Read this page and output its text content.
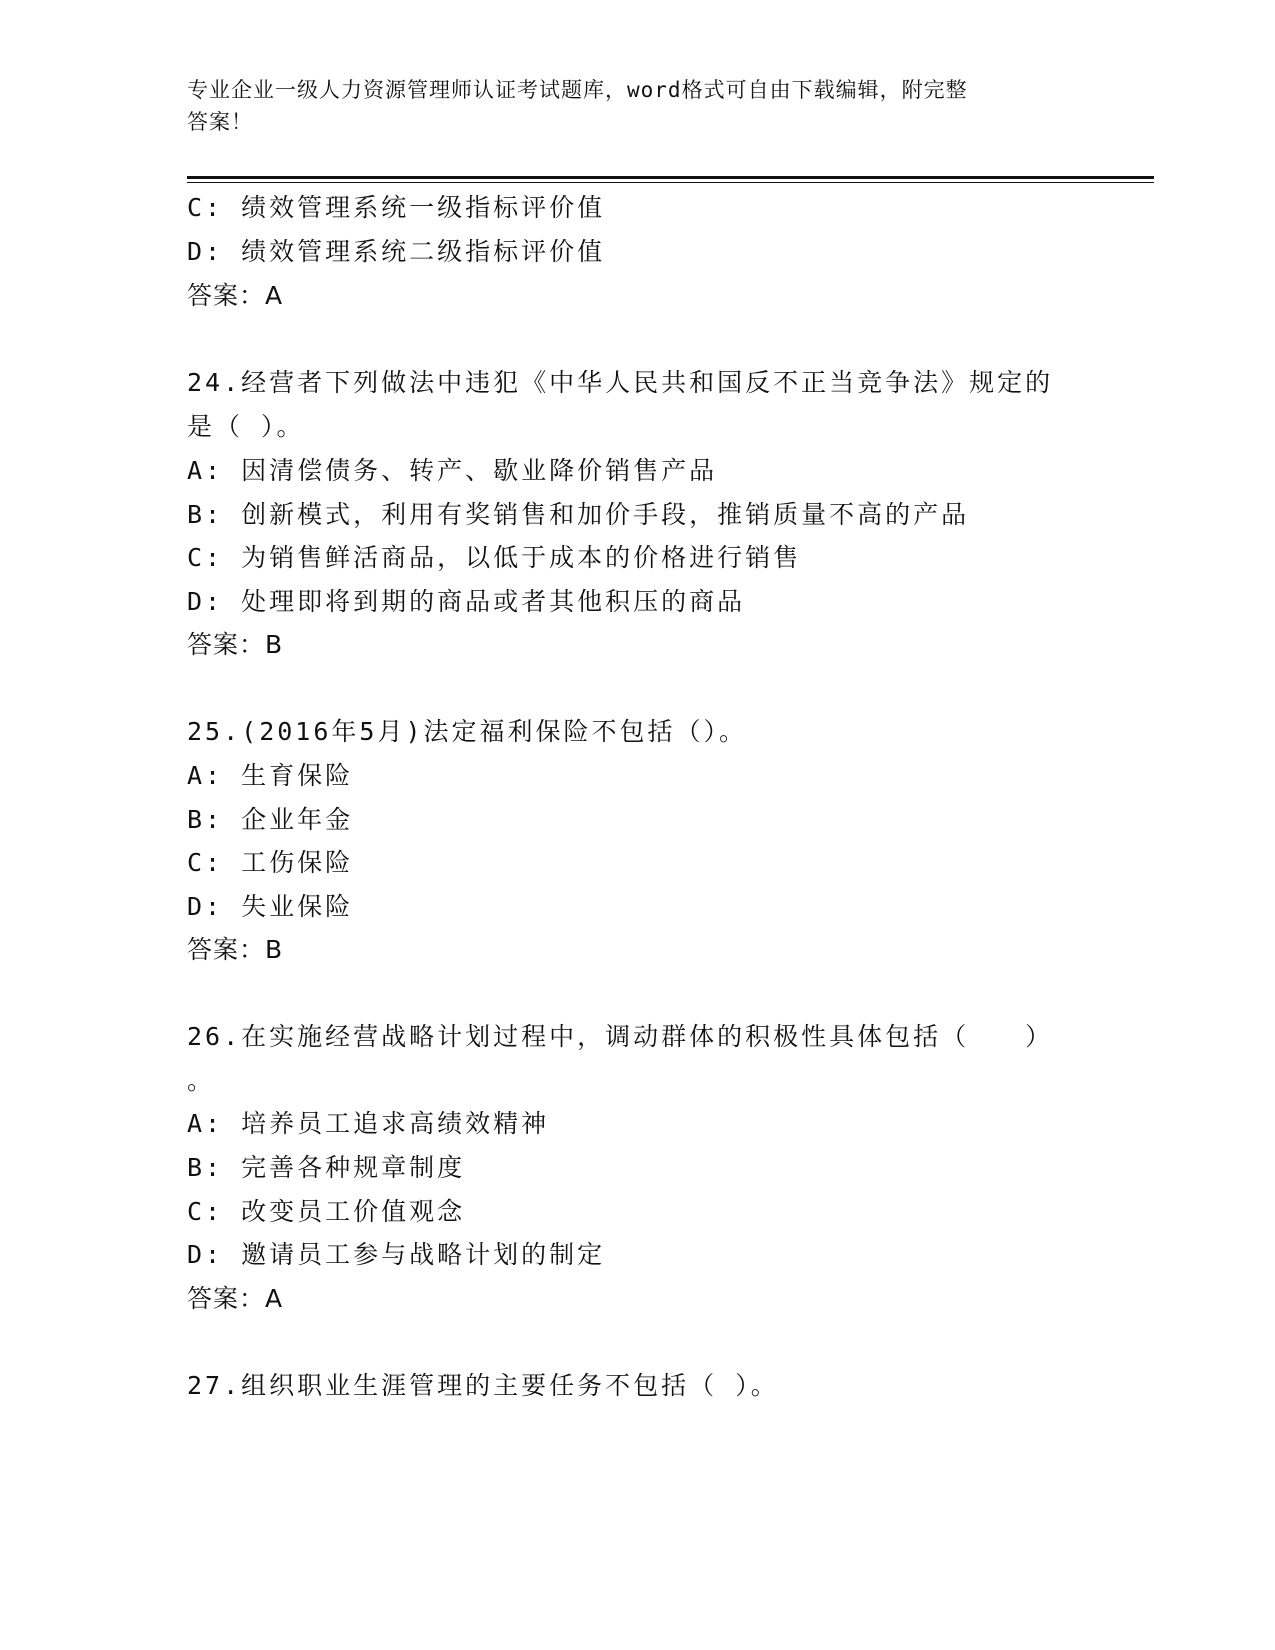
专业企业一级人力资源管理师认证考试题库，word格式可自由下载编辑，附完整
答案！
C: 绩效管理系统一级指标评价值
D: 绩效管理系统二级指标评价值
答案：A
24.经营者下列做法中违犯《中华人民共和国反不正当竞争法》规定的
是（ ）。
A: 因清偿债务、转产、歇业降价销售产品
B: 创新模式，利用有奖销售和加价手段，推销质量不高的产品
C: 为销售鲜活商品，以低于成本的价格进行销售
D: 处理即将到期的商品或者其他积压的商品
答案：B
25.(2016年5月)法定福利保险不包括（）。
A: 生育保险
B: 企业年金
C: 工伤保险
D: 失业保险
答案：B
26.在实施经营战略计划过程中，调动群体的积极性具体包括（　　）
。
A: 培养员工追求高绩效精神
B: 完善各种规章制度
C: 改变员工价值观念
D: 邀请员工参与战略计划的制定
答案：A
27.组织职业生涯管理的主要任务不包括（ ）。
